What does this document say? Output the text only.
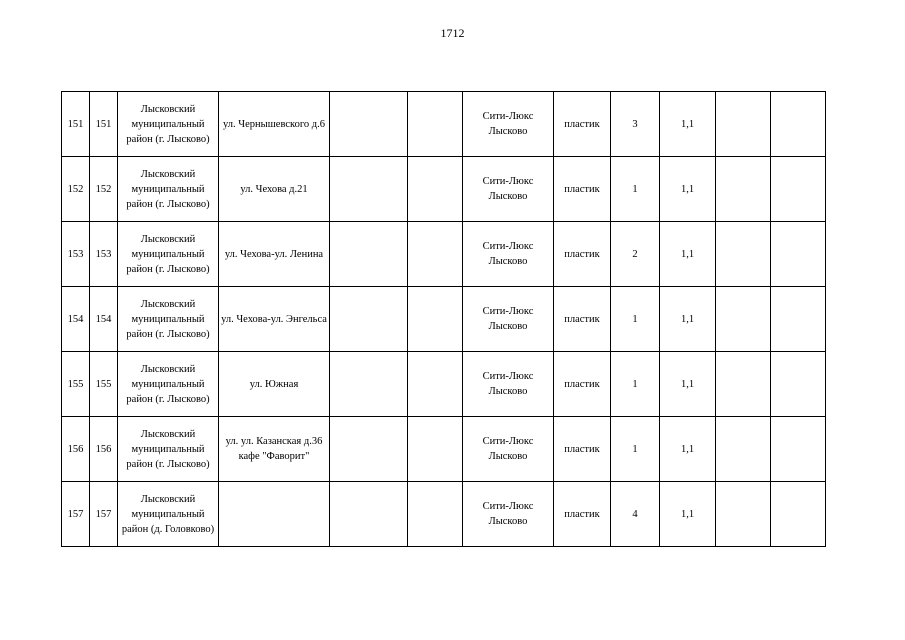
1712
151	151	Лысковский муниципальный район (г. Лысково)	ул. Чернышевского д.6			Сити-Люкс Лысково	пластик	3	1,1		
152	152	Лысковский муниципальный район (г. Лысково)	ул. Чехова д.21			Сити-Люкс Лысково	пластик	1	1,1		
153	153	Лысковский муниципальный район (г. Лысково)	ул. Чехова-ул. Ленина			Сити-Люкс Лысково	пластик	2	1,1		
154	154	Лысковский муниципальный район (г. Лысково)	ул. Чехова-ул. Энгельса			Сити-Люкс Лысково	пластик	1	1,1		
155	155	Лысковский муниципальный район (г. Лысково)	ул. Южная			Сити-Люкс Лысково	пластик	1	1,1		
156	156	Лысковский муниципальный район (г. Лысково)	ул. ул. Казанская д.36 кафе "Фаворит"			Сити-Люкс Лысково	пластик	1	1,1		
157	157	Лысковский муниципальный район (д. Головково)				Сити-Люкс Лысково	пластик	4	1,1		
